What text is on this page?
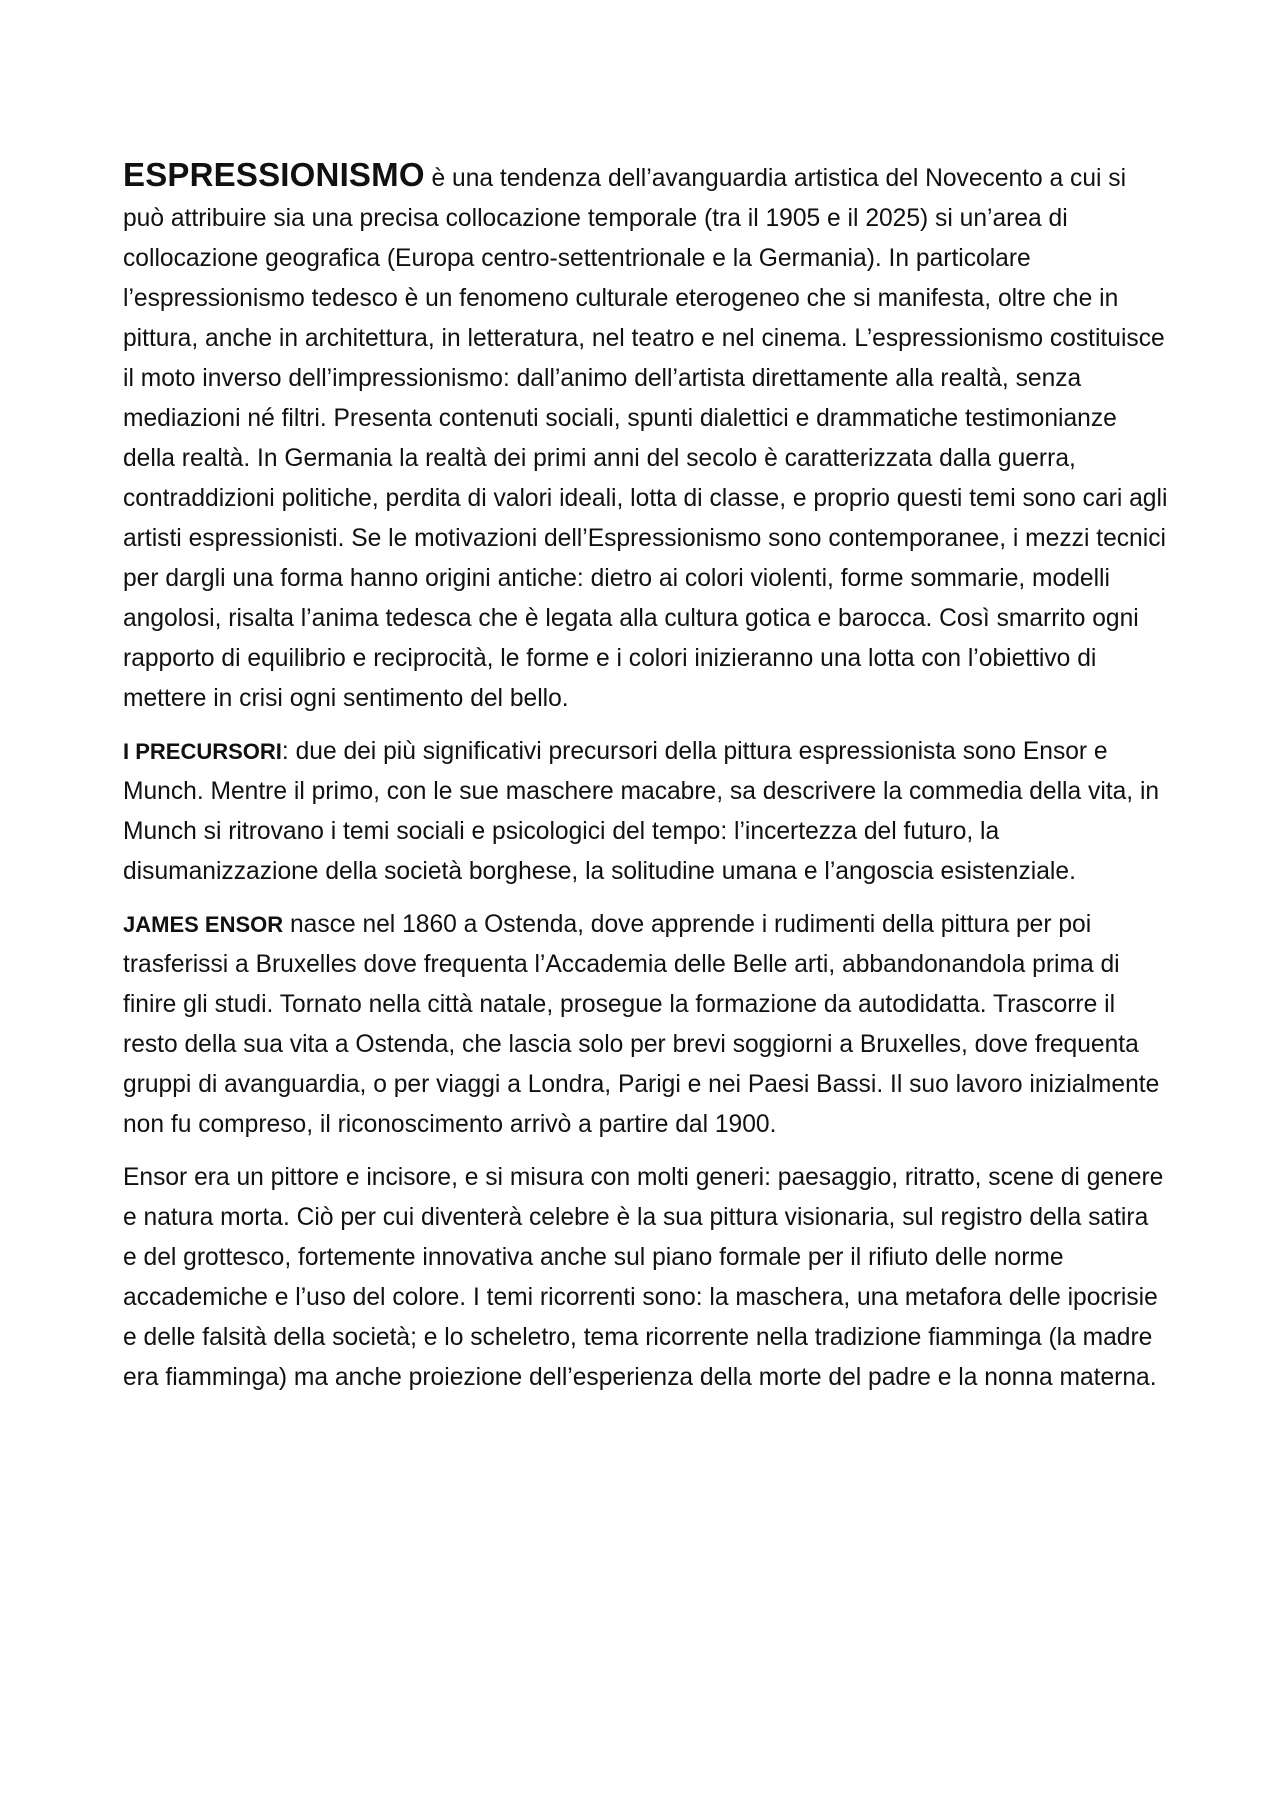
ESPRESSIONISMO è una tendenza dell’avanguardia artistica del Novecento a cui si può attribuire sia una precisa collocazione temporale (tra il 1905 e il 2025) si un’area di collocazione geografica (Europa centro-settentrionale e la Germania). In particolare l’espressionismo tedesco è un fenomeno culturale eterogeneo che si manifesta, oltre che in pittura, anche in architettura, in letteratura, nel teatro e nel cinema. L’espressionismo costituisce il moto inverso dell’impressionismo: dall’animo dell’artista direttamente alla realtà, senza mediazioni né filtri. Presenta contenuti sociali, spunti dialettici e drammatiche testimonianze della realtà. In Germania la realtà dei primi anni del secolo è caratterizzata dalla guerra, contraddizioni politiche, perdita di valori ideali, lotta di classe, e proprio questi temi sono cari agli artisti espressionisti. Se le motivazioni dell’Espressionismo sono contemporanee, i mezzi tecnici per dargli una forma hanno origini antiche: dietro ai colori violenti, forme sommarie, modelli angolosi, risalta l’anima tedesca che è legata alla cultura gotica e barocca. Così smarrito ogni rapporto di equilibrio e reciprocità, le forme e i colori inizieranno una lotta con l’obiettivo di mettere in crisi ogni sentimento del bello.

I PRECURSORI: due dei più significativi precursori della pittura espressionista sono Ensor e Munch. Mentre il primo, con le sue maschere macabre, sa descrivere la commedia della vita, in Munch si ritrovano i temi sociali e psicologici del tempo: l’incertezza del futuro, la disumanizzazione della società borghese, la solitudine umana e l’angoscia esistenziale.

JAMES ENSOR nasce nel 1860 a Ostenda, dove apprende i rudimenti della pittura per poi trasferissi a Bruxelles dove frequenta l’Accademia delle Belle arti, abbandonandola prima di finire gli studi. Tornato nella città natale, prosegue la formazione da autodidatta. Trascorre il resto della sua vita a Ostenda, che lascia solo per brevi soggiorni a Bruxelles, dove frequenta gruppi di avanguardia, o per viaggi a Londra, Parigi e nei Paesi Bassi. Il suo lavoro inizialmente non fu compreso, il riconoscimento arrivò a partire dal 1900.

Ensor era un pittore e incisore, e si misura con molti generi: paesaggio, ritratto, scene di genere e natura morta. Ciò per cui diventerà celebre è la sua pittura visionaria, sul registro della satira e del grottesco, fortemente innovativa anche sul piano formale per il rifiuto delle norme accademiche e l’uso del colore. I temi ricorrenti sono: la maschera, una metafora delle ipocrisie e delle falsità della società; e lo scheletro, tema ricorrente nella tradizione fiamminga (la madre era fiamminga) ma anche proiezione dell’esperienza della morte del padre e la nonna materna.
